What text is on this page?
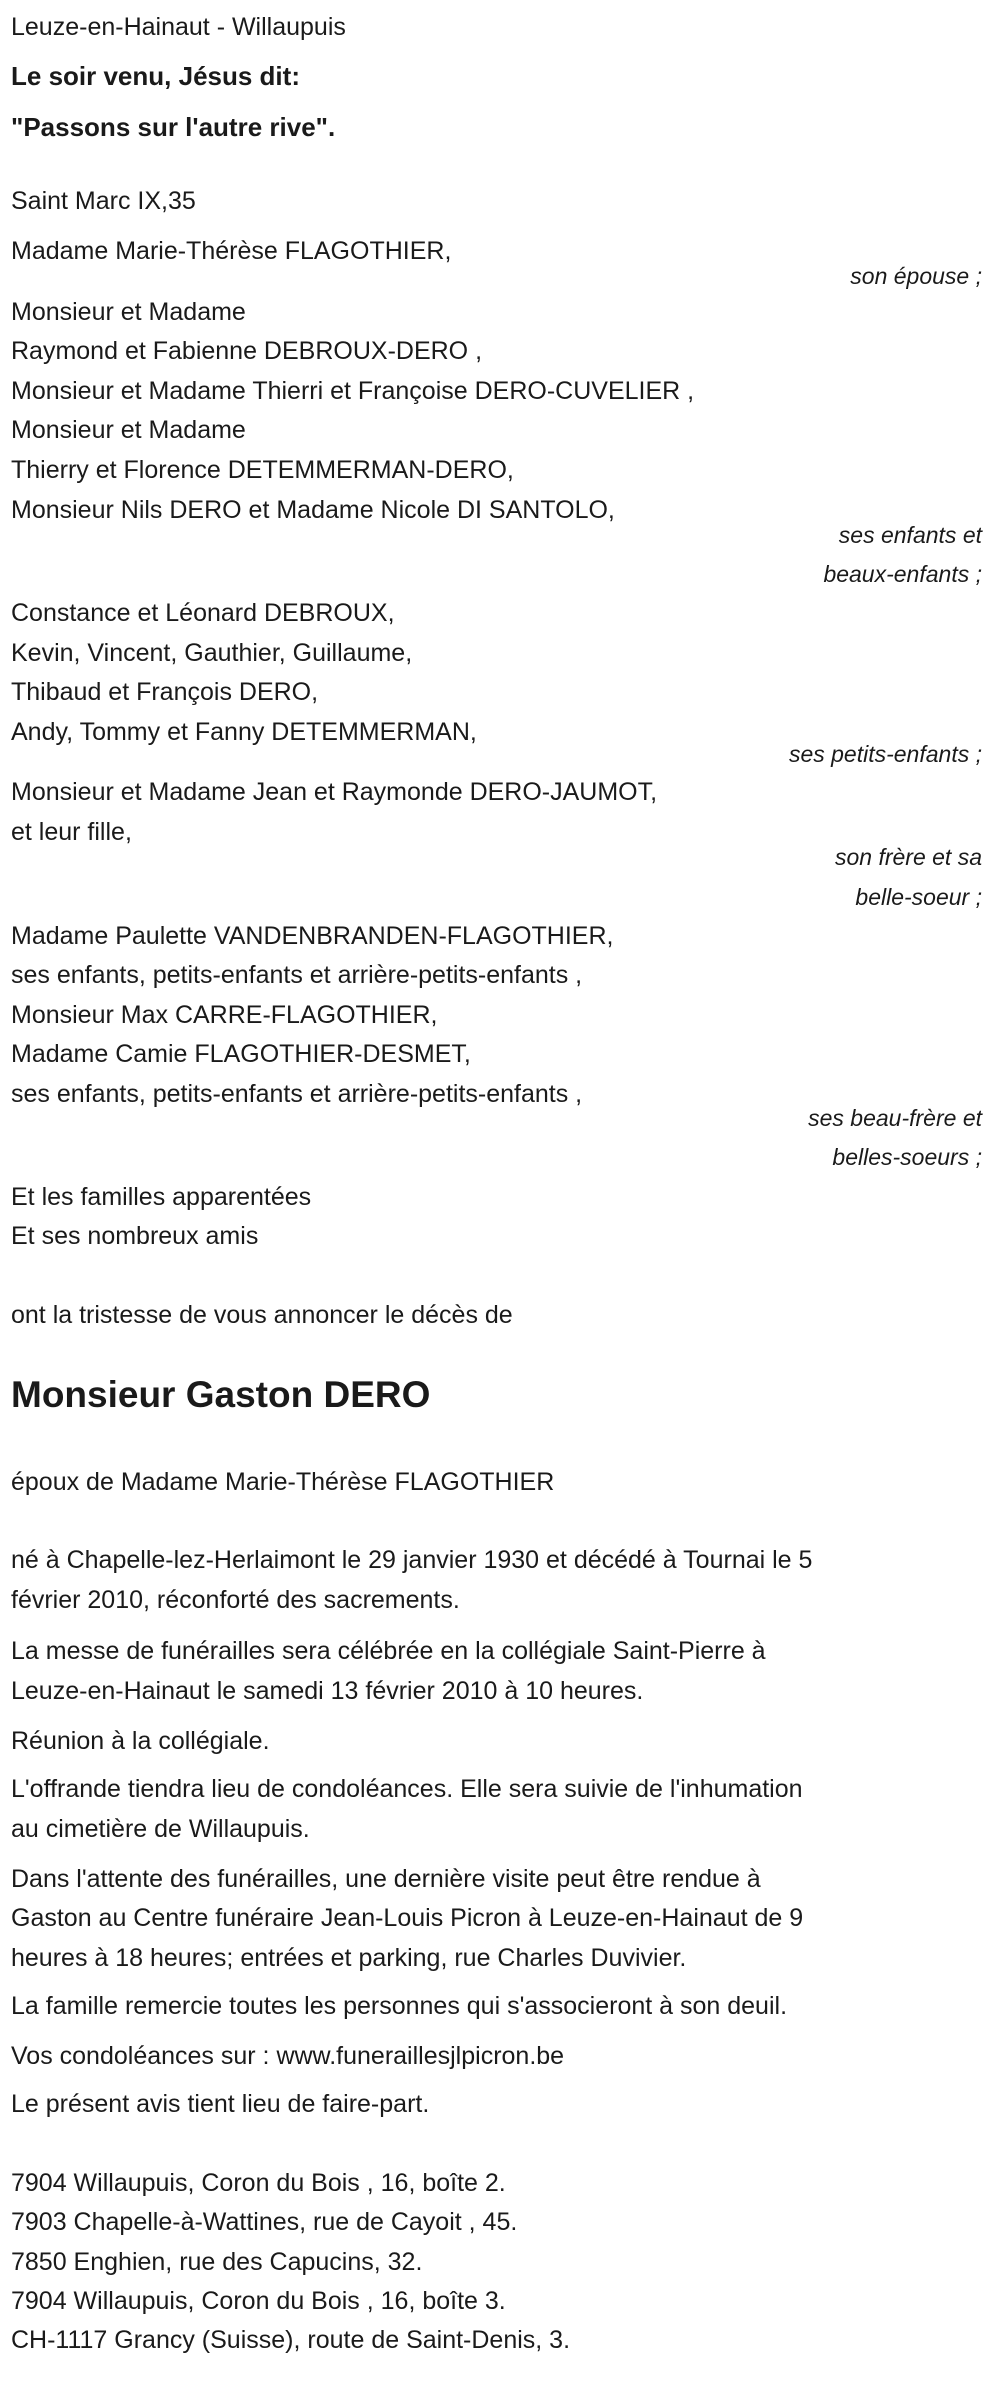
Leuze-en-Hainaut - Willaupuis
Le soir venu, Jésus dit:
"Passons sur l'autre rive".
Saint Marc IX,35
Madame Marie-Thérèse FLAGOTHIER,
son épouse ;
Monsieur et Madame
Raymond et Fabienne DEBROUX-DERO ,
Monsieur et Madame Thierri et Françoise DERO-CUVELIER ,
Monsieur et Madame
Thierry et Florence DETEMMERMAN-DERO,
Monsieur Nils DERO et Madame Nicole DI SANTOLO,
ses enfants et
beaux-enfants ;
Constance et Léonard DEBROUX,
Kevin, Vincent, Gauthier, Guillaume,
Thibaud et François DERO,
Andy, Tommy et Fanny DETEMMERMAN,
ses petits-enfants ;
Monsieur et Madame Jean et Raymonde DERO-JAUMOT,
et leur fille,
son frère et sa
belle-soeur ;
Madame Paulette VANDENBRANDEN-FLAGOTHIER,
ses enfants, petits-enfants et arrière-petits-enfants ,
Monsieur Max CARRE-FLAGOTHIER,
Madame Camie FLAGOTHIER-DESMET,
ses enfants, petits-enfants et arrière-petits-enfants ,
ses beau-frère et
belles-soeurs ;
Et les familles apparentées
Et ses nombreux amis
ont la tristesse de vous annoncer le décès de
Monsieur Gaston DERO
époux de Madame Marie-Thérèse FLAGOTHIER
né à Chapelle-lez-Herlaimont le 29 janvier 1930 et décédé à Tournai le 5
février 2010, réconforté des sacrements.
La messe de funérailles sera célébrée en la collégiale Saint-Pierre à
Leuze-en-Hainaut le samedi 13 février 2010 à 10 heures.
Réunion à la collégiale.
L'offrande tiendra lieu de condoléances. Elle sera suivie de l'inhumation
au cimetière de Willaupuis.
Dans l'attente des funérailles, une dernière visite peut être rendue à
Gaston au Centre funéraire Jean-Louis Picron à Leuze-en-Hainaut de 9
heures à 18 heures; entrées et parking, rue Charles Duvivier.
La famille remercie toutes les personnes qui s'associeront à son deuil.
Vos condoléances sur : www.funeraillesjlpicron.be
Le présent avis tient lieu de faire-part.
7904 Willaupuis, Coron du Bois , 16, boîte 2.
7903 Chapelle-à-Wattines, rue de Cayoit , 45.
7850 Enghien, rue des Capucins, 32.
7904 Willaupuis, Coron du Bois , 16, boîte 3.
CH-1117 Grancy (Suisse), route de Saint-Denis, 3.
